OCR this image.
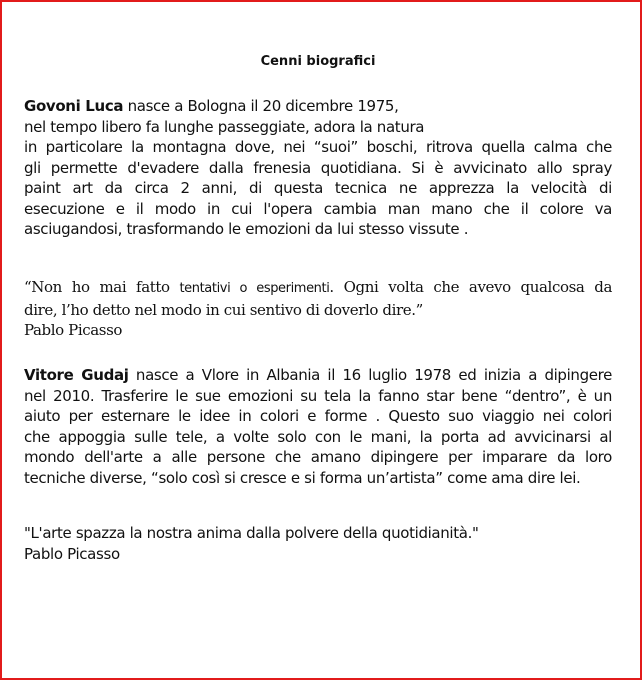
Cenni biografici

Govoni Luca nasce a Bologna il 20 dicembre 1975,
nel tempo libero fa lunghe passeggiate, adora la natura
in particolare la montagna dove, nei “suoi” boschi, ritrova quella calma che
gli permette d'evadere dalla frenesia quotidiana. Si è avvicinato allo spray
paint art da circa 2 anni, di questa tecnica ne apprezza la velocità di
esecuzione e il modo in cui l'opera cambia man mano che il colore va
asciugandosi, trasformando le emozioni da lui stesso vissute .
“Non ho mai fatto tentativi o esperimenti. Ogni volta che avevo qualcosa da
dire, l’ho detto nel modo in cui sentivo di doverlo dire.”
Pablo Picasso
Vitore Gudaj nasce a Vlore in Albania il 16 luglio 1978 ed inizia a dipingere
nel 2010. Trasferire le sue emozioni su tela la fanno star bene “dentro”, è un
aiuto per esternare le idee in colori e forme . Questo suo viaggio nei colori
che appoggia sulle tele, a volte solo con le mani, la porta ad avvicinarsi al
mondo dell'arte a alle persone che amano dipingere per imparare da loro
tecniche diverse, “solo così si cresce e si forma un’artista” come ama dire lei.
"L'arte spazza la nostra anima dalla polvere della quotidianità."
Pablo Picasso
